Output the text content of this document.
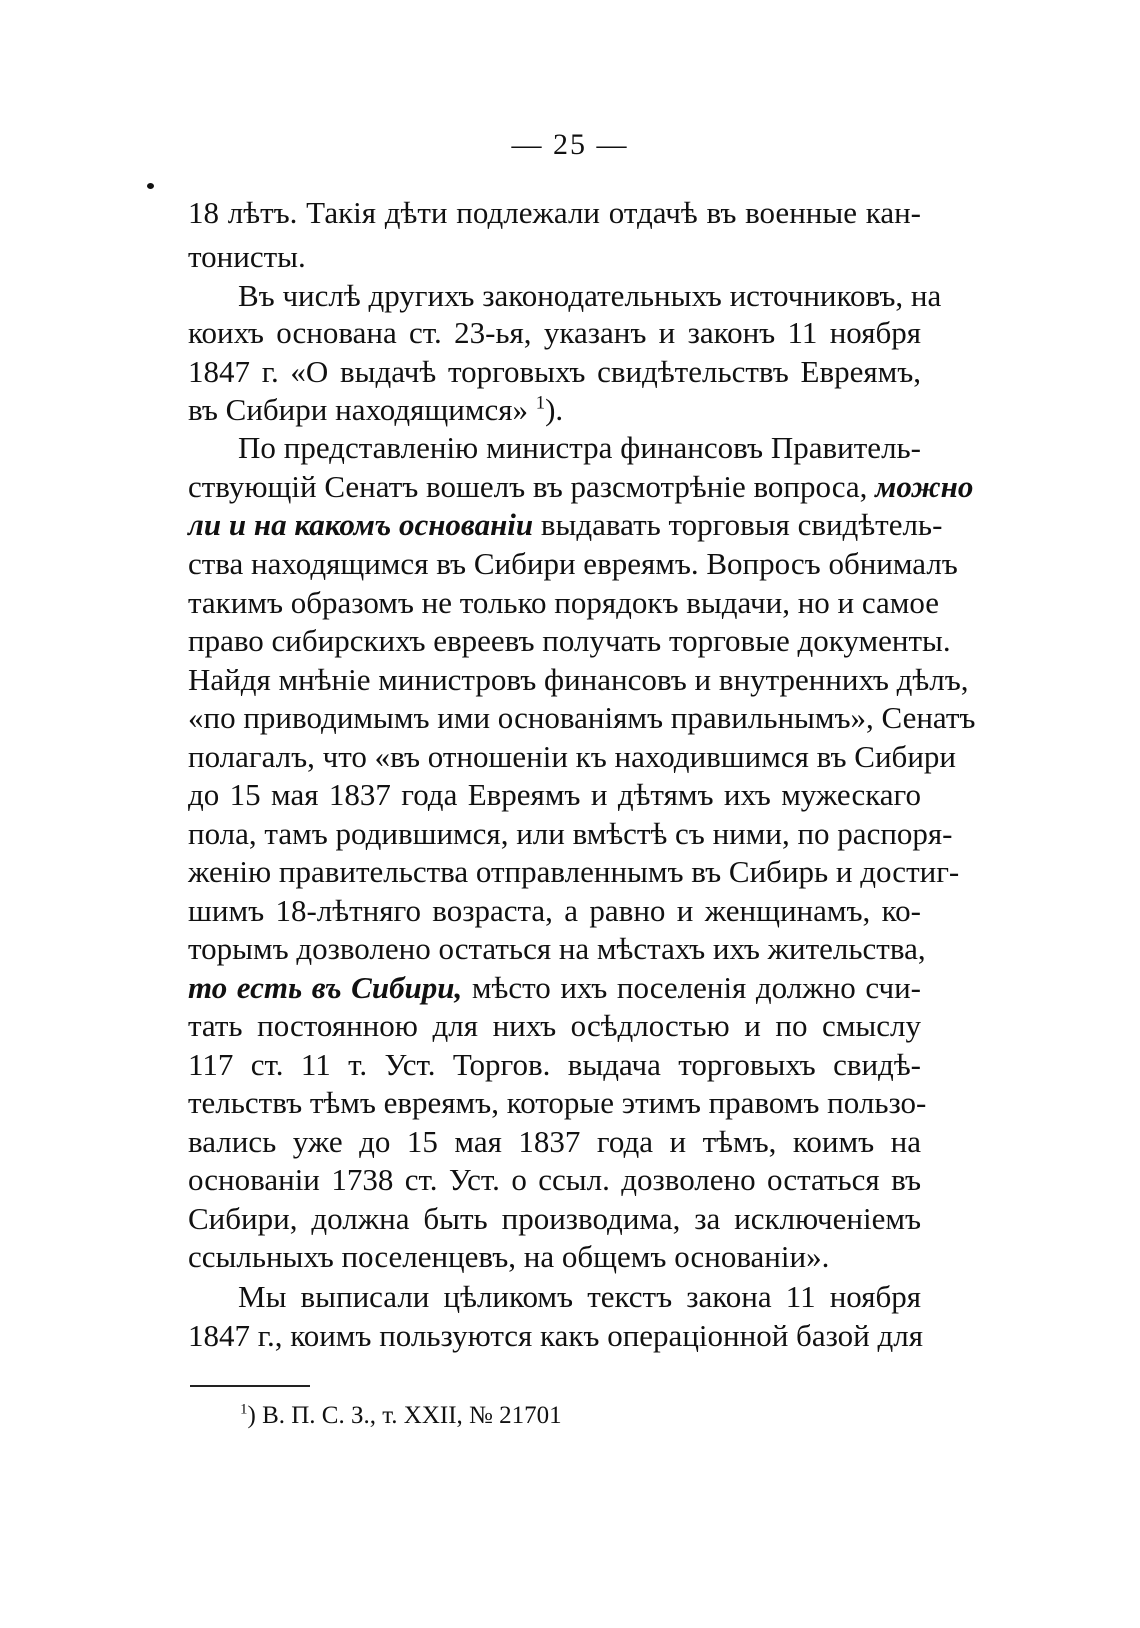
— 25 —
18 лѣтъ. Такія дѣти подлежали отдачѣ въ военные кан-
тонисты.
Въ числѣ другихъ законодательныхъ источниковъ, на
коихъ основана ст. 23-ья, указанъ и законъ 11 ноября
1847 г. «О выдачѣ торговыхъ свидѣтельствъ Евреямъ,
въ Сибири находящимся» $^1$).
По представленію министра финансовъ Правитель-
ствующій Сенатъ вошелъ въ разсмотрѣніе вопроса, можно
ли и на какомъ основаніи выдавать торговыя свидѣтель-
ства находящимся въ Сибири евреямъ. Вопросъ обнималъ
такимъ образомъ не только порядокъ выдачи, но и самое
право сибирскихъ евреевъ получать торговые документы.
Найдя мнѣніе министровъ финансовъ и внутреннихъ дѣлъ,
«по приводимымъ ими основаніямъ правильнымъ», Сенатъ
полагалъ, что «въ отношеніи къ находившимся въ Сибири
до 15 мая 1837 года Евреямъ и дѣтямъ ихъ мужескаго
пола, тамъ родившимся, или вмѣстѣ съ ними, по распоря-
женію правительства отправленнымъ въ Сибирь и достиг-
шимъ 18-лѣтняго возраста, а равно и женщинамъ, ко-
торымъ дозволено остаться на мѣстахъ ихъ жительства,
то есть въ Сибири, мѣсто ихъ поселенія должно счи-
тать постоянною для нихъ осѣдлостью и по смыслу
117 ст. 11 т. Уст. Торгов. выдача торговыхъ свидѣ-
тельствъ тѣмъ евреямъ, которые этимъ правомъ пользо-
вались уже до 15 мая 1837 года и тѣмъ, коимъ на
основаніи 1738 ст. Уст. о ссыл. дозволено остаться въ
Сибири, должна быть производима, за исключеніемъ
ссыльныхъ поселенцевъ, на общемъ основаніи».
Мы выписали цѣликомъ текстъ закона 11 ноября
1847 г., коимъ пользуются какъ операціонной базой для
$^1$) В. П. С. З., т. XXII, № 21701
